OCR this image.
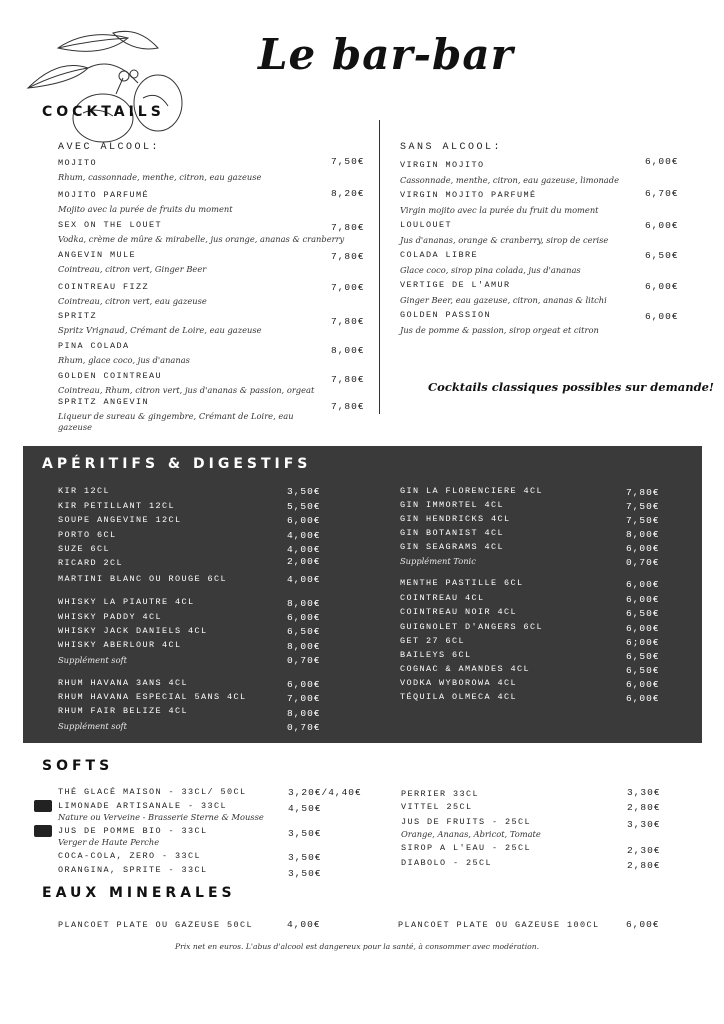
Le bar-bar
COCKTAILS
AVEC ALCOOL:	SANS ALCOOL:
MOJITO	7,50€
Rhum, cassonnade, menthe, citron, eau gazeuse
MOJITO PARFUMÉ	8,20€
Mojito avec la purée de fruits du moment
SEX ON THE LOUET	7,80€
Vodka, crème de mûre & mirabelle, jus orange, ananas & cranberry
ANGEVIN MULE	7,80€
Cointreau, citron vert, Ginger Beer
COINTREAU FIZZ	7,00€
Cointreau, citron vert, eau gazeuse
SPRITZ	7,80€
Spritz Vrignaud, Crémant de Loire, eau gazeuse
PINA COLADA	8,00€
Rhum, glace coco, jus d'ananas
GOLDEN COINTREAU	7,80€
Cointreau, Rhum, citron vert, jus d'ananas & passion, orgeat
SPRITZ ANGEVIN	7,80€
Liqueur de sureau & gingembre, Crémant de Loire, eau
gazeuse
VIRGIN MOJITO	6,00€
Cassonnade, menthe, citron, eau gazeuse, limonade
VIRGIN MOJITO PARFUMÉ	6,70€
Virgin mojito avec la purée du fruit du moment
LOULOUET	6,00€
Jus d'ananas, orange & cranberry, sirop de cerise
COLADA LIBRE	6,50€
Glace coco, sirop pina colada, jus d'ananas
VERTIGE DE L'AMUR	6,00€
Ginger Beer, eau gazeuse, citron, ananas & litchi
GOLDEN PASSION	6,00€
Jus de pomme & passion, sirop orgeat et citron
Cocktails classiques possibles sur demande!
APÉRITIFS & DIGESTIFS
KIR 12CL	3,50€
KIR PETILLANT 12CL	5,50€
SOUPE ANGEVINE 12CL	6,00€
PORTO 6CL	4,00€
SUZE 6CL	4,00€
RICARD 2CL	2,00€
MARTINI BLANC OU ROUGE 6CL	4,00€
WHISKY LA PIAUTRE 4CL	8,00€
WHISKY PADDY 4CL	6,00€
WHISKY JACK DANIELS 4CL	6,50€
WHISKY ABERLOUR 4CL	8,00€
Supplément soft	0,70€
RHUM HAVANA 3ANS 4CL	6,00€
RHUM HAVANA ESPECIAL 5ANS 4CL	7,00€
RHUM FAIR BELIZE 4CL	8,00€
Supplément soft	0,70€
GIN LA FLORENCIERE 4CL	7,80€
GIN IMMORTEL 4CL	7,50€
GIN HENDRICKS 4CL	7,50€
GIN BOTANIST 4CL	8,00€
GIN SEAGRAMS 4CL	6,00€
Supplément Tonic	0,70€
MENTHE PASTILLE 6CL	6,00€
COINTREAU 4CL	6,00€
COINTREAU NOIR 4CL	6,50€
GUIGNOLET D'ANGERS 6CL	6,00€
GET 27 6CL	6;00€
BAILEYS 6CL	6,50€
COGNAC & AMANDES 4CL	6,50€
VODKA WYBOROWA 4CL	6,00€
TÉQUILA OLMECA 4CL	6,00€
SOFTS
THÉ GLACÉ MAISON - 33CL/ 50CL	3,20€/4,40€
LIMONADE ARTISANALE - 33CL	4,50€
Nature ou Verveine - Brasserie Sterne & Mousse
JUS DE POMME BIO - 33CL	3,50€
Verger de Haute Perche
COCA-COLA, ZERO - 33CL	3,50€
ORANGINA, SPRITE - 33CL	3,50€
PERRIER 33CL	3,30€
VITTEL 25CL	2,80€
JUS DE FRUITS - 25CL	3,30€
Orange, Ananas, Abricot, Tomate
SIROP A L'EAU - 25CL	2,30€
DIABOLO - 25CL	2,80€
EAUX MINERALES
PLANCOET PLATE OU GAZEUSE 50CL	4,00€	PLANCOET PLATE OU GAZEUSE 100CL	6,00€
Prix net en euros. L'abus d'alcool est dangereux pour la santé, à consommer avec modération.
